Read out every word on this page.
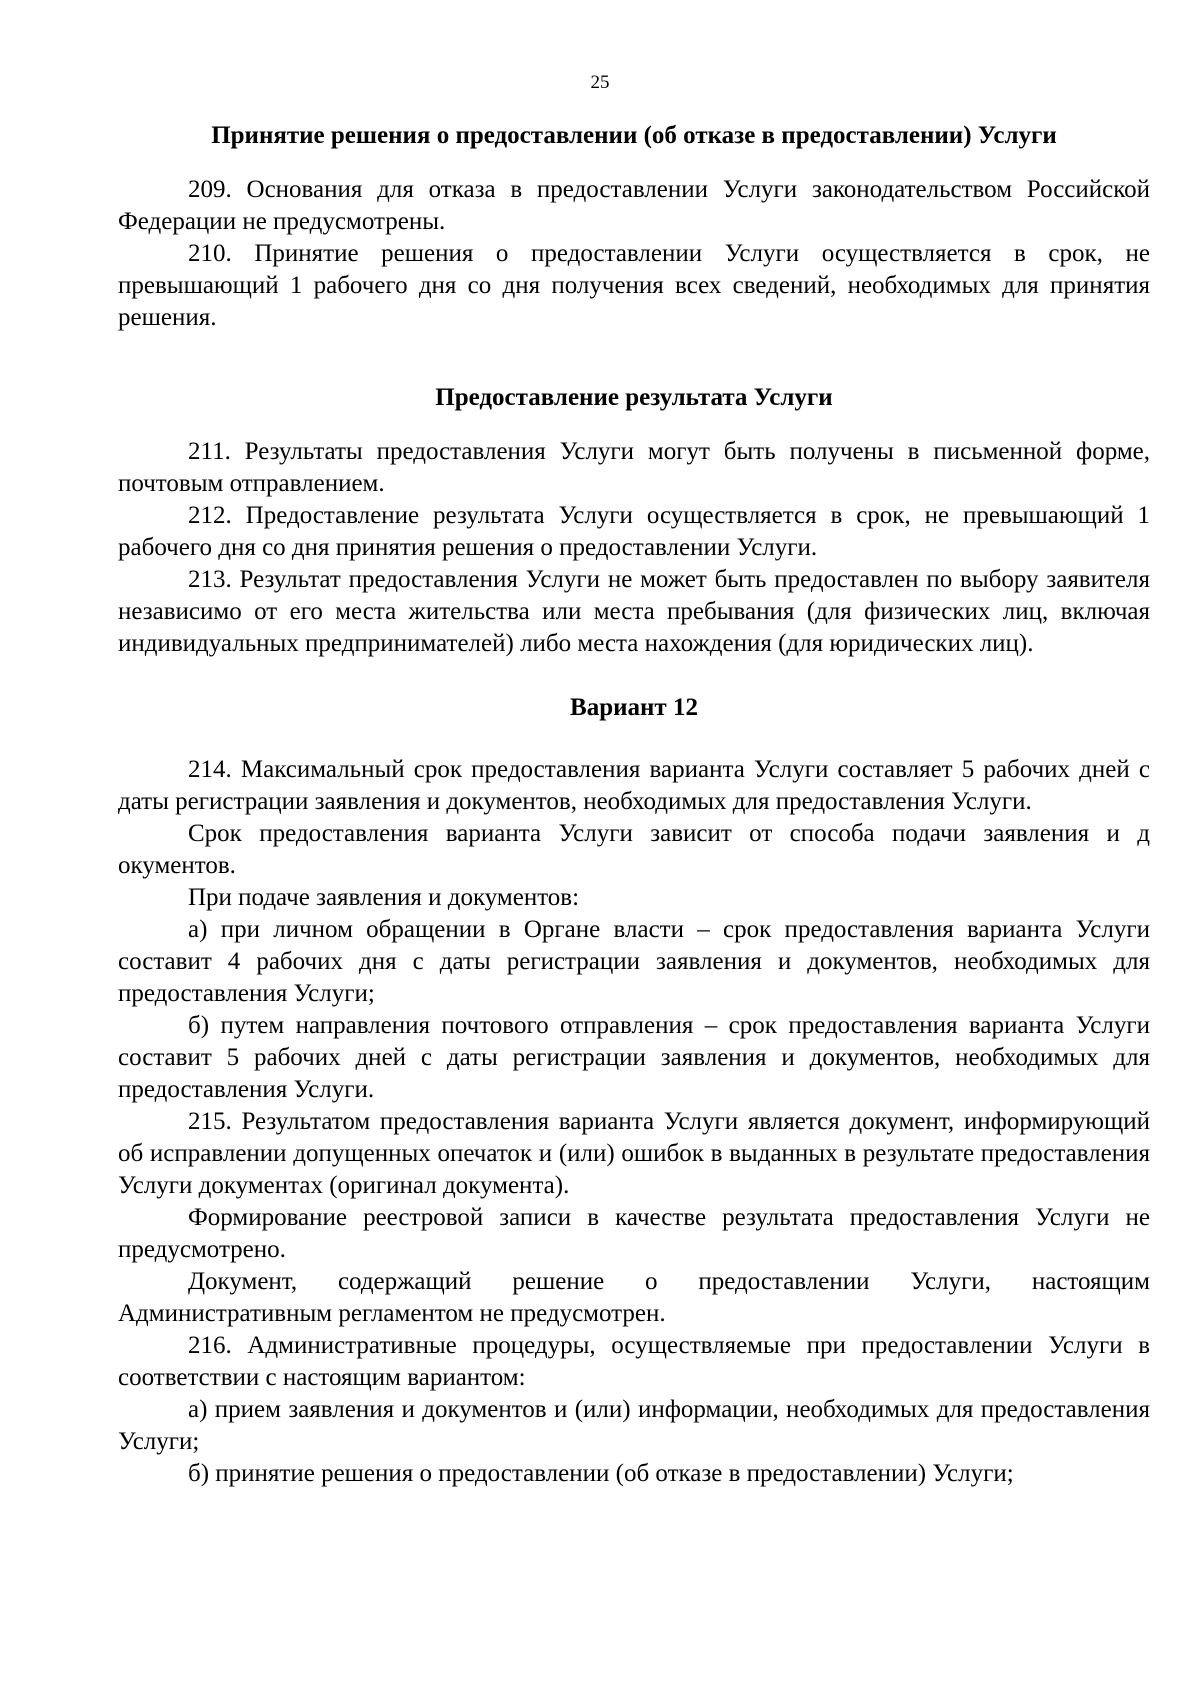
25

Принятие решения о предоставлении (об отказе в предоставлении) Услуги

209. Основания для отказа в предоставлении Услуги законодательством Российской Федерации не предусмотрены.

210. Принятие решения о предоставлении Услуги осуществляется в срок, не превышающий 1 рабочего дня со дня получения всех сведений, необходимых для принятия решения.

Предоставление результата Услуги

211. Результаты предоставления Услуги могут быть получены в письменной форме, почтовым отправлением.

212. Предоставление результата Услуги осуществляется в срок, не превышающий 1 рабочего дня со дня принятия решения о предоставлении Услуги.

213. Результат предоставления Услуги не может быть предоставлен по выбору заявителя независимо от его места жительства или места пребывания (для физических лиц, включая индивидуальных предпринимателей) либо места нахождения (для юридических лиц).

Вариант 12

214. Максимальный срок предоставления варианта Услуги составляет 5 рабочих дней с даты регистрации заявления и документов, необходимых для предоставления Услуги.

Срок предоставления варианта Услуги зависит от способа подачи заявления и д окументов.

При подаче заявления и документов:

а) при личном обращении в Органе власти – срок предоставления варианта Услуги составит 4 рабочих дня с даты регистрации заявления и документов, необходимых для предоставления Услуги;

б) путем направления почтового отправления – срок предоставления варианта Услуги составит 5 рабочих дней с даты регистрации заявления и документов, необходимых для предоставления Услуги.

215. Результатом предоставления варианта Услуги является документ, информирующий об исправлении допущенных опечаток и (или) ошибок в выданных в результате предоставления Услуги документах (оригинал документа).

Формирование реестровой записи в качестве результата предоставления Услуги не предусмотрено.

Документ, содержащий решение о предоставлении Услуги, настоящим Административным регламентом не предусмотрен.

216. Административные процедуры, осуществляемые при предоставлении Услуги в соответствии с настоящим вариантом:

а) прием заявления и документов и (или) информации, необходимых для предоставления Услуги;

б) принятие решения о предоставлении (об отказе в предоставлении) Услуги;
